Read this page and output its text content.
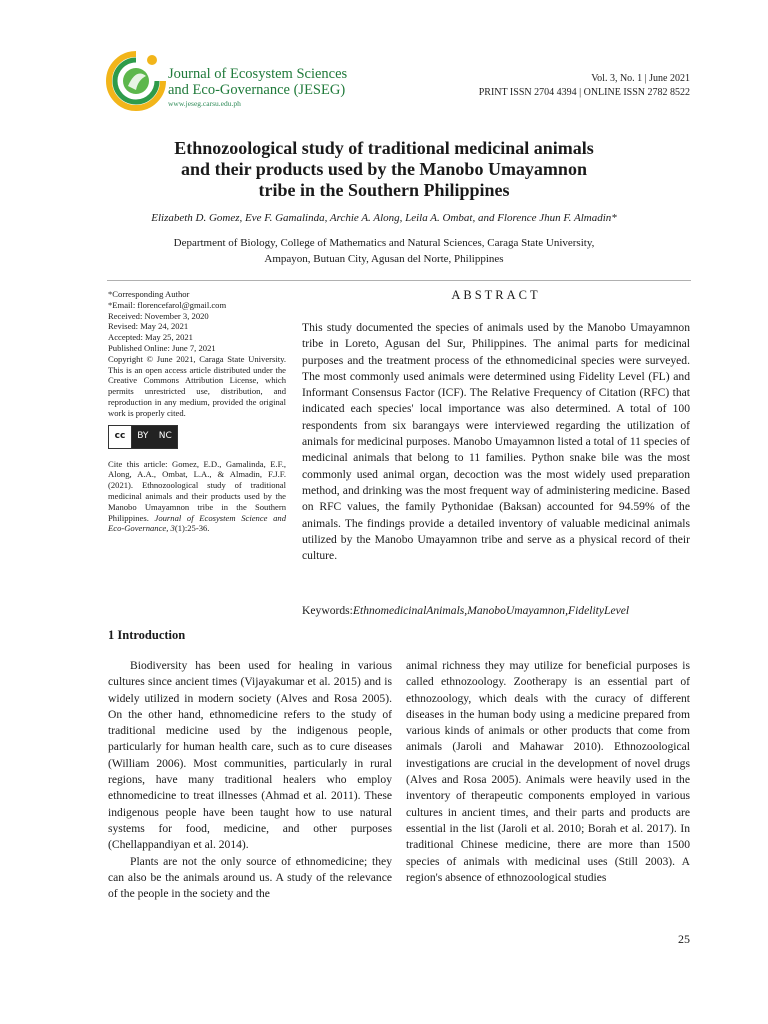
Journal of Ecosystem Sciences
and Eco-Governance (JESEG)
www.jeseg.carsu.edu.ph
Vol. 3, No. 1 | June 2021
PRINT ISSN 2704 4394 | ONLINE ISSN 2782 8522
Ethnozoological study of traditional medicinal animals
and their products used by the Manobo Umayamnon
tribe in the Southern Philippines
Elizabeth D. Gomez, Eve F. Gamalinda, Archie A. Along, Leila A. Ombat, and Florence Jhun F. Almadin*
Department of Biology, College of Mathematics and Natural Sciences, Caraga State University,
Ampayon, Butuan City, Agusan del Norte, Philippines

*Corresponding Author

*Email: florencefarol@gmail.com

Received: November 3, 2020

Revised: May 24, 2021

Accepted: May 25, 2021

Published Online: June 7, 2021

Copyright © June 2021, Caraga State University. This is an open access article distributed under the Creative Commons Attribution License, which permits unrestricted use, distribution, and reproduction in any medium, provided the original work is properly cited.

cc	BY NC

Cite this article: Gomez, E.D., Gamalinda, E.F., Along, A.A., Ombat, L.A., & Almadin, F.J.F. (2021). Ethnozoological study of traditional medicinal animals and their products used by the Manobo Umayamnon tribe in the Southern Philippines. Journal of Ecosystem Science and Eco-Governance, 3(1):25-36.

ABSTRACT
This study documented the species of animals used by the Manobo Umayamnon tribe in Loreto, Agusan del Sur, Philippines. The animal parts for medicinal purposes and the treatment process of the ethnomedicinal species were surveyed. The most commonly used animals were determined using Fidelity Level (FL) and Informant Consensus Factor (ICF). The Relative Frequency of Citation (RFC) that indicated each species' local importance was also determined. A total of 100 respondents from six barangays were interviewed regarding the utilization of animals for medicinal purposes. Manobo Umayamnon listed a total of 11 species of medicinal animals that belong to 11 families. Python snake bile was the most commonly used animal organ, decoction was the most widely used preparation method, and drinking was the most frequent way of administering medicine. Based on RFC values, the family Pythonidae (Baksan) accounted for 94.59% of the animals. The findings provide a detailed inventory of valuable medicinal animals utilized by the Manobo Umayamnon tribe and serve as a physical record of their culture.
Keywords:EthnomedicinalAnimals,ManoboUmayamnon,FidelityLevel
1 Introduction

Biodiversity has been used for healing in various cultures since ancient times (Vijayakumar et al. 2015) and is widely utilized in modern society (Alves and Rosa 2005). On the other hand, ethnomedicine refers to the study of traditional medicine used by the indigenous people, particularly for human health care, such as to cure diseases (William 2006). Most communities, particularly in rural regions, have many traditional healers who employ ethnomedicine to treat illnesses (Ahmad et al. 2011). These indigenous people have been taught how to use natural systems for food, medicine, and other purposes (Chellappandiyan et al. 2014).

Plants are not the only source of ethnomedicine; they can also be the animals around us. A study of the relevance of the people in the society and the

animal richness they may utilize for beneficial purposes is called ethnozoology. Zootherapy is an essential part of ethnozoology, which deals with the curacy of different diseases in the human body using a medicine prepared from various kinds of animals or other products that come from animals (Jaroli and Mahawar 2010). Ethnozoological investigations are crucial in the development of novel drugs (Alves and Rosa 2005). Animals were heavily used in the inventory of therapeutic components employed in various cultures in ancient times, and their parts and products are essential in the list (Jaroli et al. 2010; Borah et al. 2017). In traditional Chinese medicine, there are more than 1500 species of animals with medicinal uses (Still 2003). A region's absence of ethnozoological studies

25
